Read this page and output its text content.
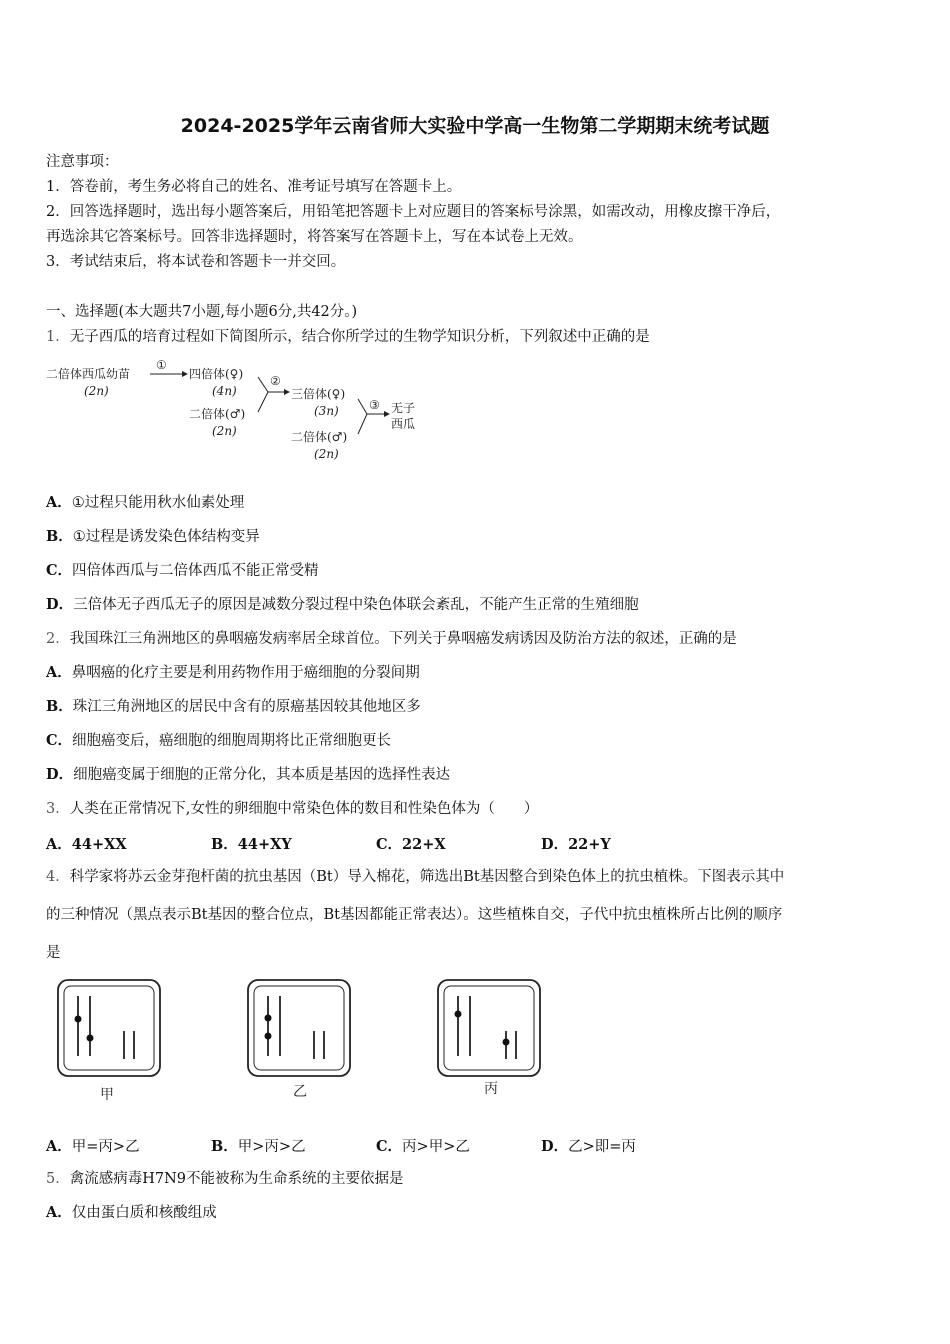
2024-2025学年云南省师大实验中学高一生物第二学期期末统考试题
注意事项：
1．答卷前，考生务必将自己的姓名、准考证号填写在答题卡上。
2．回答选择题时，选出每小题答案后，用铅笔把答题卡上对应题目的答案标号涂黑，如需改动，用橡皮擦干净后，
再选涂其它答案标号。回答非选择题时，将答案写在答题卡上，写在本试卷上无效。
3．考试结束后，将本试卷和答题卡一并交回。
一、选择题(本大题共7小题,每小题6分,共42分。)
1．无子西瓜的培育过程如下简图所示，结合你所学过的生物学知识分析，下列叙述中正确的是
二倍体西瓜幼苗
(2n)
①
四倍体(♀)
(4n)
二倍体(♂)
(2n)
②
三倍体(♀)
(3n)
二倍体(♂)
(2n)
③ 无子
西瓜
A．①过程只能用秋水仙素处理
B．①过程是诱发染色体结构变异
C．四倍体西瓜与二倍体西瓜不能正常受精
D．三倍体无子西瓜无子的原因是减数分裂过程中染色体联会紊乱，不能产生正常的生殖细胞
2．我国珠江三角洲地区的鼻咽癌发病率居全球首位。下列关于鼻咽癌发病诱因及防治方法的叙述，正确的是
A．鼻咽癌的化疗主要是利用药物作用于癌细胞的分裂间期
B．珠江三角洲地区的居民中含有的原癌基因较其他地区多
C．细胞癌变后，癌细胞的细胞周期将比正常细胞更长
D．细胞癌变属于细胞的正常分化，其本质是基因的选择性表达
3．人类在正常情况下,女性的卵细胞中常染色体的数目和性染色体为（　　）
A．44+XX	B．44+XY	C．22+X	D．22+Y
4．科学家将苏云金芽孢杆菌的抗虫基因（Bt）导入棉花，筛选出Bt基因整合到染色体上的抗虫植株。下图表示其中
的三种情况（黑点表示Bt基因的整合位点，Bt基因都能正常表达）。这些植株自交，子代中抗虫植株所占比例的顺序
是
甲	乙	丙
A．甲=丙>乙	B．甲>丙>乙	C．丙>甲>乙	D．乙>即=丙
5．禽流感病毒H7N9不能被称为生命系统的主要依据是
A．仅由蛋白质和核酸组成
